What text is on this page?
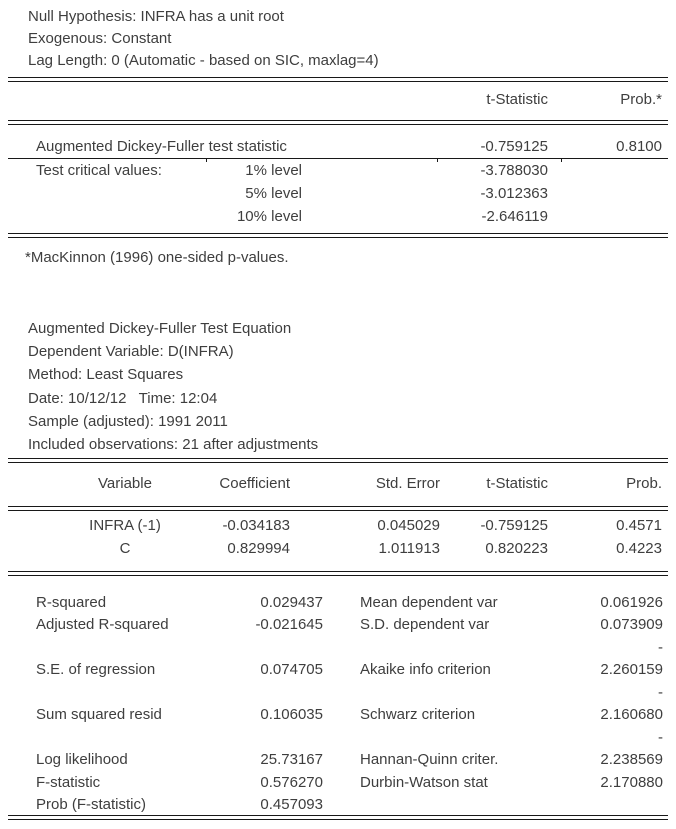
Null Hypothesis: INFRA has a unit root
Exogenous: Constant
Lag Length: 0 (Automatic - based on SIC, maxlag=4)
t-Statistic	Prob.*
Augmented Dickey-Fuller test statistic	-0.759125	0.8100
Test critical values:	1% level	-3.788030
5% level	-3.012363
10% level	-2.646119
*MacKinnon (1996) one-sided p-values.
Augmented Dickey-Fuller Test Equation
Dependent Variable: D(INFRA)
Method: Least Squares
Date: 10/12/12   Time: 12:04
Sample (adjusted): 1991 2011
Included observations: 21 after adjustments
Variable	Coefficient	Std. Error	t-Statistic	Prob.
INFRA (-1)	-0.034183	0.045029	-0.759125	0.4571
C	0.829994	1.011913	0.820223	0.4223
R-squared	0.029437 Mean dependent var	0.061926
Adjusted R-squared	-0.021645 S.D. dependent var	0.073909
-
S.E. of regression	0.074705 Akaike info criterion	2.260159
-
Sum squared resid	0.106035 Schwarz criterion	2.160680
-
Log likelihood	25.73167 Hannan-Quinn criter.	2.238569
F-statistic	0.576270 Durbin-Watson stat	2.170880
Prob (F-statistic)	0.457093
